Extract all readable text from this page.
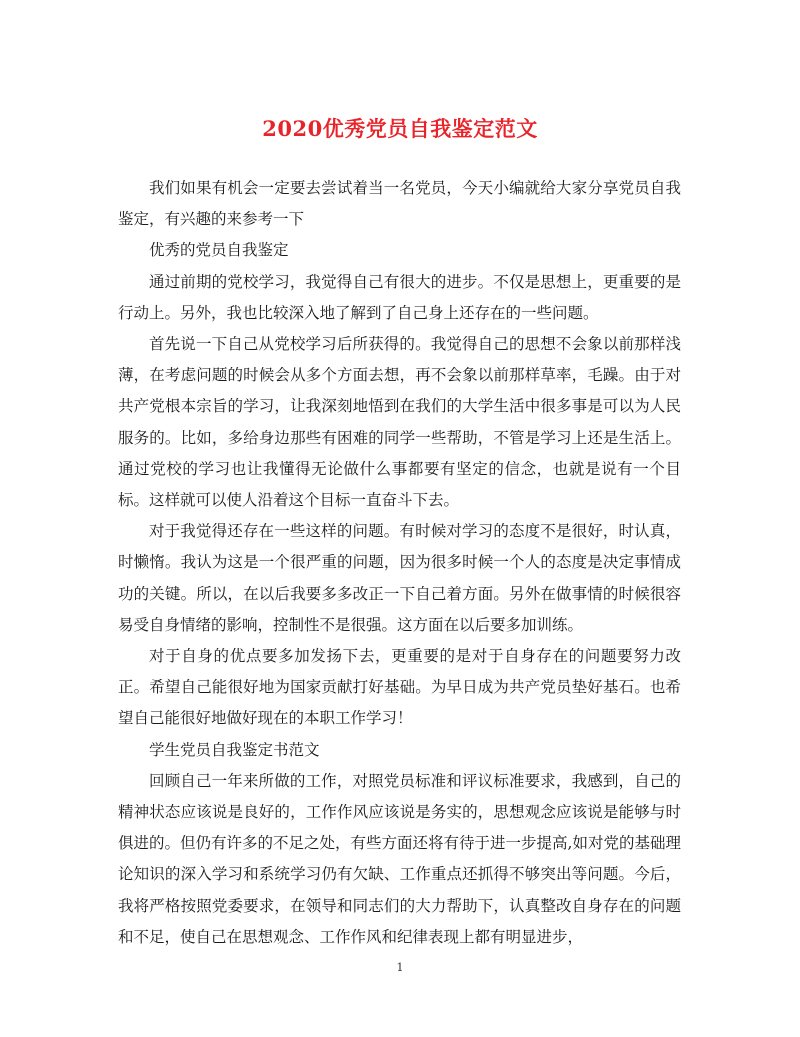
2020优秀党员自我鉴定范文

我们如果有机会一定要去尝试着当一名党员，今天小编就给大家分享党员自我鉴定，有兴趣的来参考一下

优秀的党员自我鉴定

通过前期的党校学习，我觉得自己有很大的进步。不仅是思想上，更重要的是行动上。另外，我也比较深入地了解到了自己身上还存在的一些问题。

首先说一下自己从党校学习后所获得的。我觉得自己的思想不会象以前那样浅薄，在考虑问题的时候会从多个方面去想，再不会象以前那样草率，毛躁。由于对共产党根本宗旨的学习，让我深刻地悟到在我们的大学生活中很多事是可以为人民服务的。比如，多给身边那些有困难的同学一些帮助，不管是学习上还是生活上。通过党校的学习也让我懂得无论做什么事都要有坚定的信念，也就是说有一个目标。这样就可以使人沿着这个目标一直奋斗下去。

对于我觉得还存在一些这样的问题。有时候对学习的态度不是很好，时认真，时懒惰。我认为这是一个很严重的问题，因为很多时候一个人的态度是决定事情成功的关键。所以，在以后我要多多改正一下自己着方面。另外在做事情的时候很容易受自身情绪的影响，控制性不是很强。这方面在以后要多加训练。

对于自身的优点要多加发扬下去，更重要的是对于自身存在的问题要努力改正。希望自己能很好地为国家贡献打好基础。为早日成为共产党员垫好基石。也希望自己能很好地做好现在的本职工作学习！

学生党员自我鉴定书范文

回顾自己一年来所做的工作，对照党员标准和评议标准要求，我感到，自己的精神状态应该说是良好的，工作作风应该说是务实的，思想观念应该说是能够与时俱进的。但仍有许多的不足之处，有些方面还将有待于进一步提高,如对党的基础理论知识的深入学习和系统学习仍有欠缺、工作重点还抓得不够突出等问题。今后，我将严格按照党委要求，在领导和同志们的大力帮助下，认真整改自身存在的问题和不足，使自己在思想观念、工作作风和纪律表现上都有明显进步，

1
